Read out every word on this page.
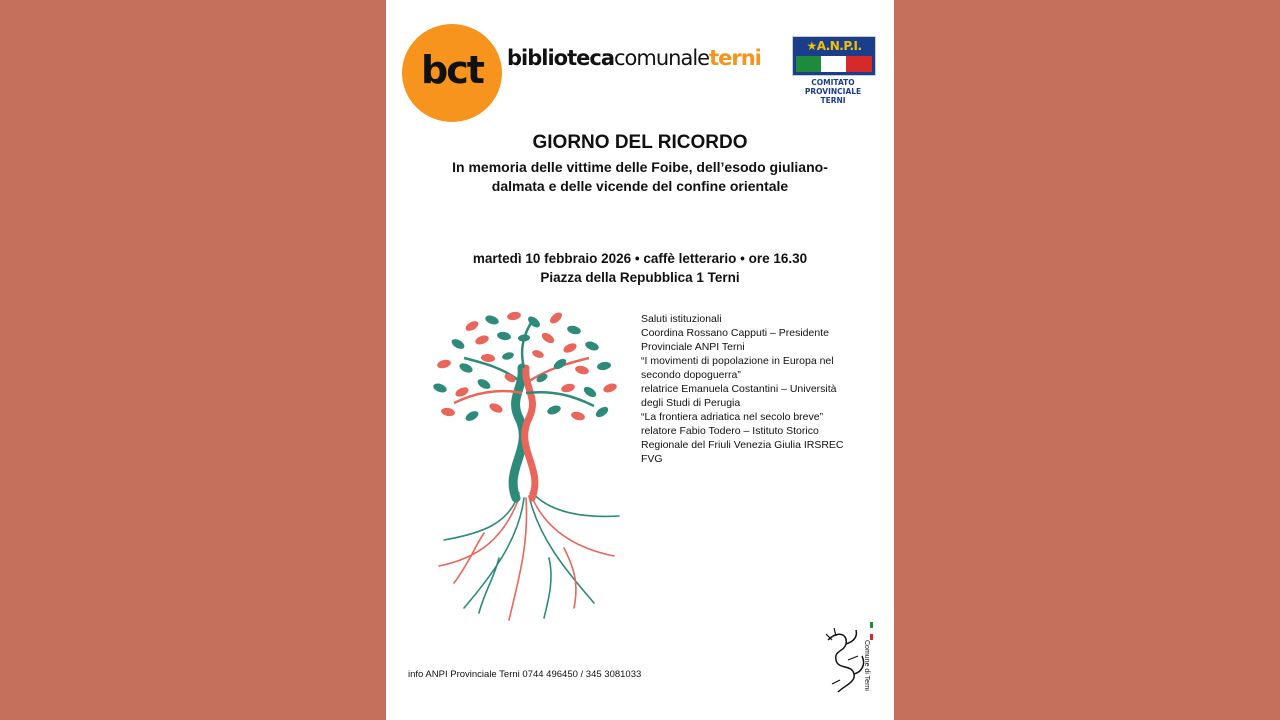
bct bibliotecacomunaleterni	★A.N.P.I.
COMITATO
PROVINCIALE
TERNI
GIORNO DEL RICORDO
In memoria delle vittime delle Foibe, dell’esodo giuliano-
dalmata e delle vicende del confine orientale
martedì 10 febbraio 2026 • caffè letterario • ore 16.30
Piazza della Repubblica 1 Terni
Saluti istituzionali
Coordina Rossano Capputi – Presidente
Provinciale ANPI Terni
“I movimenti di popolazione in Europa nel
secondo dopoguerra”
relatrice Emanuela Costantini – Università
degli Studi di Perugia
“La frontiera adriatica nel secolo breve”
relatore Fabio Todero – Istituto Storico
Regionale del Friuli Venezia Giulia IRSREC
FVG
info ANPI Provinciale Terni 0744 496450 / 345 3081033	Comune di Terni
